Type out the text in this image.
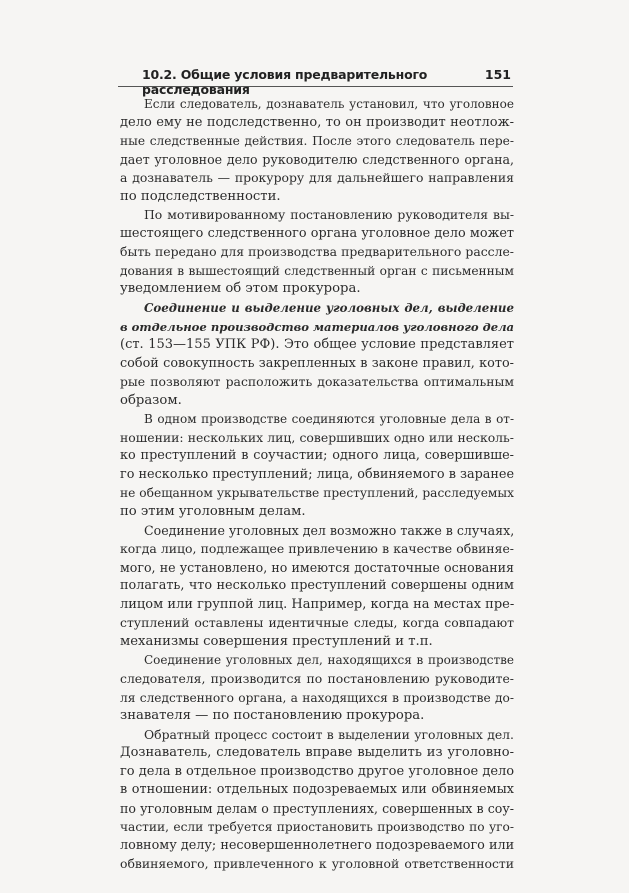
10.2. Общие условия предварительного расследования
151
Если следователь, дознаватель установил, что уголовное
дело ему не подследственно, то он производит неотлож-
ные следственные действия. После этого следователь пере-
дает уголовное дело руководителю следственного органа,
а дознаватель — прокурору для дальнейшего направления
по подследственности.
По мотивированному постановлению руководителя вы-
шестоящего следственного органа уголовное дело может
быть передано для производства предварительного рассле-
дования в вышестоящий следственный орган с письменным
уведомлением об этом прокурора.
Соединение и выделение уголовных дел, выделение
в отдельное производство материалов уголовного дела
(ст. 153—155 УПК РФ). Это общее условие представляет
собой совокупность закрепленных в законе правил, кото-
рые позволяют расположить доказательства оптимальным
образом.
В одном производстве соединяются уголовные дела в от-
ношении: нескольких лиц, совершивших одно или несколь-
ко преступлений в соучастии; одного лица, совершивше-
го несколько преступлений; лица, обвиняемого в заранее
не обещанном укрывательстве преступлений, расследуемых
по этим уголовным делам.
Соединение уголовных дел возможно также в случаях,
когда лицо, подлежащее привлечению в качестве обвиняе-
мого, не установлено, но имеются достаточные основания
полагать, что несколько преступлений совершены одним
лицом или группой лиц. Например, когда на местах пре-
ступлений оставлены идентичные следы, когда совпадают
механизмы совершения преступлений и т.п.
Соединение уголовных дел, находящихся в производстве
следователя, производится по постановлению руководите-
ля следственного органа, а находящихся в производстве до-
знавателя — по постановлению прокурора.
Обратный процесс состоит в выделении уголовных дел.
Дознаватель, следователь вправе выделить из уголовно-
го дела в отдельное производство другое уголовное дело
в отношении: отдельных подозреваемых или обвиняемых
по уголовным делам о преступлениях, совершенных в соу-
частии, если требуется приостановить производство по уго-
ловному делу; несовершеннолетнего подозреваемого или
обвиняемого, привлеченного к уголовной ответственности
